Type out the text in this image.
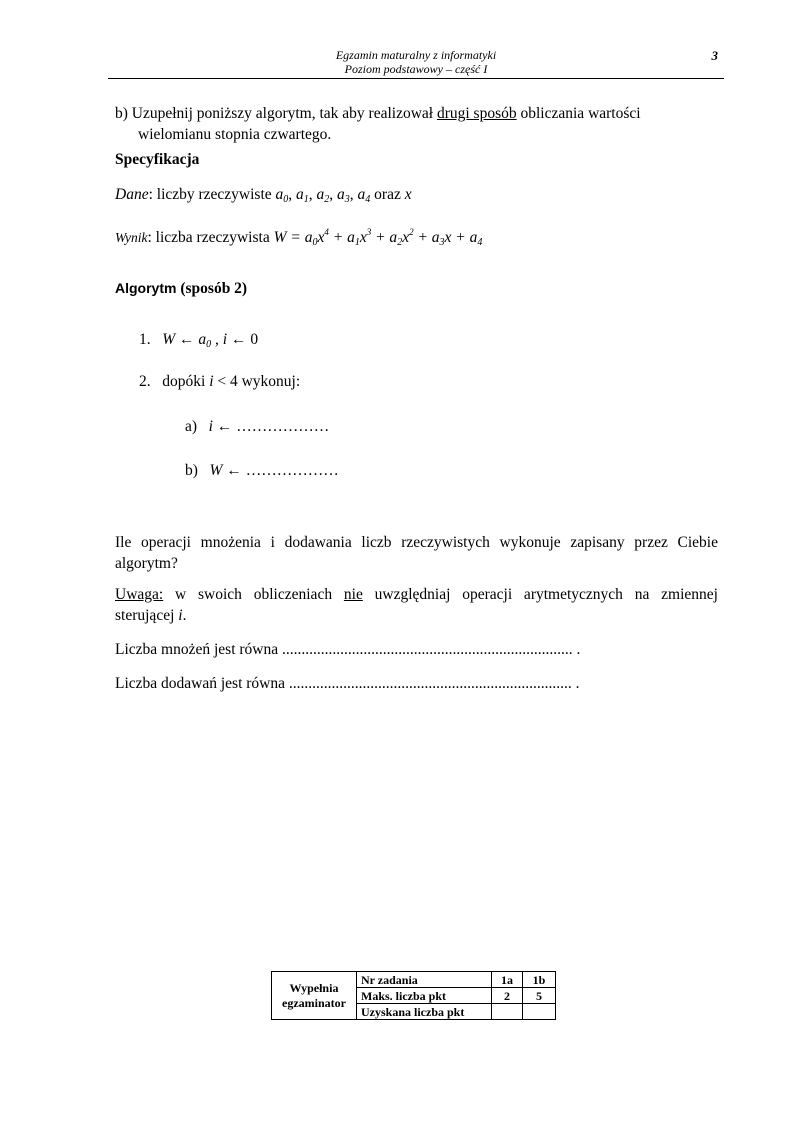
Egzamin maturalny z informatyki
Poziom podstawowy – część I
3
b) Uzupełnij poniższy algorytm, tak aby realizował drugi sposób obliczania wartości
wielomianu stopnia czwartego.
Specyfikacja
Dane: liczby rzeczywiste $a_0$, $a_1$, $a_2$, $a_3$, $a_4$ oraz x
Wynik: liczba rzeczywista $W = a_0x^4 + a_1x^3 + a_2x^2 + a_3x + a_4$
Algorytm (sposób 2)
1. W ← $a_0$ , i ← 0
2. dopóki i < 4 wykonuj:
a) i ← ………………
b) W ← ………………
Ile operacji mnożenia i dodawania liczb rzeczywistych wykonuje zapisany przez Ciebie
algorytm?
Uwaga: w swoich obliczeniach nie uwzględniaj operacji arytmetycznych na zmiennej
sterującej i.
Liczba mnożeń jest równa ........................................................................... .
Liczba dodawań jest równa ......................................................................... .
Wypełnia
egzaminator	Nr zadania	1a	1b
	Maks. liczba pkt	2	5
	Uzyskana liczba pkt		
